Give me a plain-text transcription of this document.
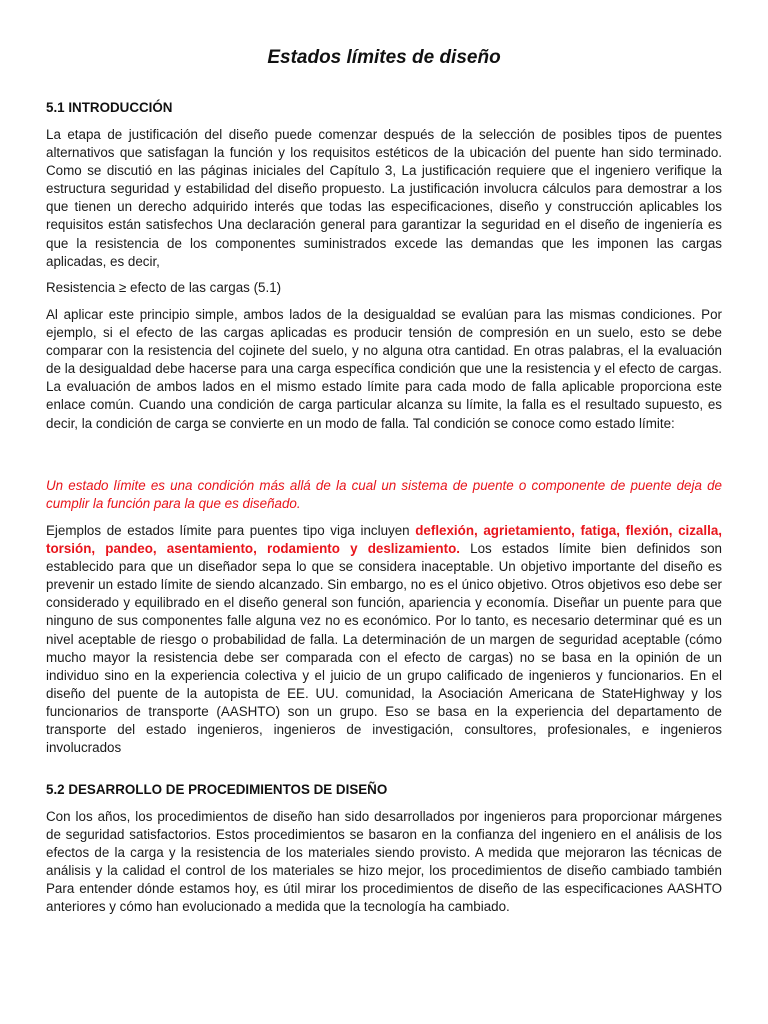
Estados límites de diseño
5.1 INTRODUCCIÓN

La etapa de justificación del diseño puede comenzar después de la selección de posibles tipos de puentes alternativos que satisfagan la función y los requisitos estéticos de la ubicación del puente han sido terminado. Como se discutió en las páginas iniciales del Capítulo 3, La justificación requiere que el ingeniero verifique la estructura seguridad y estabilidad del diseño propuesto. La justificación involucra cálculos para demostrar a los que tienen un derecho adquirido interés que todas las especificaciones, diseño y construcción aplicables los requisitos están satisfechos Una declaración general para garantizar la seguridad en el diseño de ingeniería es que la resistencia de los componentes suministrados excede las demandas que les imponen las cargas aplicadas, es decir,

Resistencia ≥ efecto de las cargas (5.1)

Al aplicar este principio simple, ambos lados de la desigualdad se evalúan para las mismas condiciones. Por ejemplo, si el efecto de las cargas aplicadas es producir tensión de compresión en un suelo, esto se debe comparar con la resistencia del cojinete del suelo, y no alguna otra cantidad. En otras palabras, el la evaluación de la desigualdad debe hacerse para una carga específica condición que une la resistencia y el efecto de cargas. La evaluación de ambos lados en el mismo estado límite para cada modo de falla aplicable proporciona este enlace común. Cuando una condición de carga particular alcanza su límite, la falla es el resultado supuesto, es decir, la condición de carga se convierte en un modo de falla. Tal condición se conoce como estado límite:

Un estado límite es una condición más allá de la cual un sistema de puente o componente de puente deja de cumplir la función para la que es diseñado.

Ejemplos de estados límite para puentes tipo viga incluyen deflexión, agrietamiento, fatiga, flexión, cizalla, torsión, pandeo, asentamiento, rodamiento y deslizamiento. Los estados límite bien definidos son establecido para que un diseñador sepa lo que se considera inaceptable. Un objetivo importante del diseño es prevenir un estado límite de siendo alcanzado. Sin embargo, no es el único objetivo. Otros objetivos eso debe ser considerado y equilibrado en el diseño general son función, apariencia y economía. Diseñar un puente para que ninguno de sus componentes falle alguna vez no es económico. Por lo tanto, es necesario determinar qué es un nivel aceptable de riesgo o probabilidad de falla. La determinación de un margen de seguridad aceptable (cómo mucho mayor la resistencia debe ser comparada con el efecto de cargas) no se basa en la opinión de un individuo sino en la experiencia colectiva y el juicio de un grupo calificado de ingenieros y funcionarios. En el diseño del puente de la autopista de EE. UU. comunidad, la Asociación Americana de StateHighway y los funcionarios de transporte (AASHTO) son un grupo. Eso se basa en la experiencia del departamento de transporte del estado ingenieros, ingenieros de investigación, consultores, profesionales, e ingenieros involucrados

5.2 DESARROLLO DE PROCEDIMIENTOS DE DISEÑO

Con los años, los procedimientos de diseño han sido desarrollados por ingenieros para proporcionar márgenes de seguridad satisfactorios. Estos procedimientos se basaron en la confianza del ingeniero en el análisis de los efectos de la carga y la resistencia de los materiales siendo provisto. A medida que mejoraron las técnicas de análisis y la calidad el control de los materiales se hizo mejor, los procedimientos de diseño cambiado también Para entender dónde estamos hoy, es útil mirar los procedimientos de diseño de las especificaciones AASHTO anteriores y cómo han evolucionado a medida que la tecnología ha cambiado.
